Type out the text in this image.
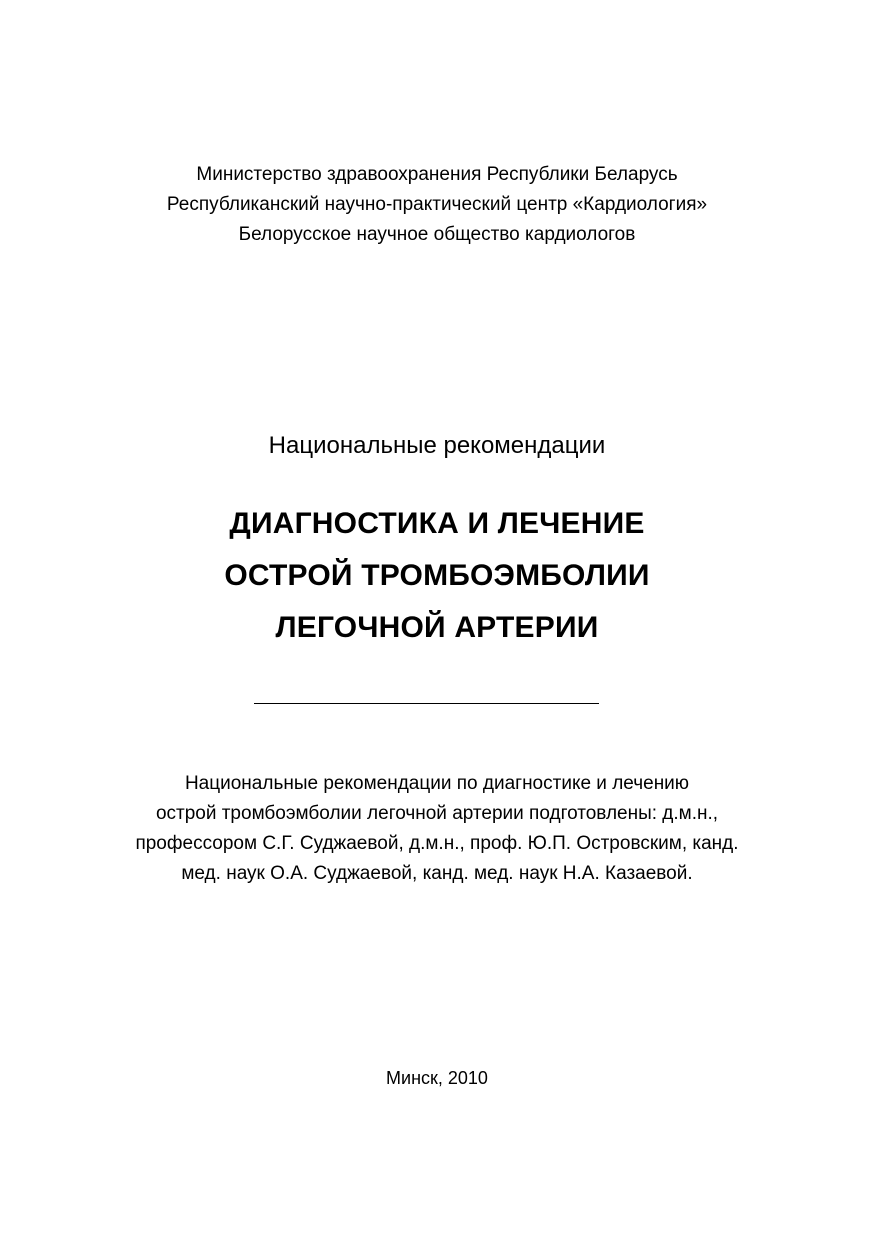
Министерство здравоохранения Республики Беларусь
Республиканский научно-практический центр «Кардиология»
Белорусское научное общество кардиологов
Национальные рекомендации
ДИАГНОСТИКА И ЛЕЧЕНИЕ
ОСТРОЙ ТРОМБОЭМБОЛИИ
ЛЕГОЧНОЙ АРТЕРИИ
Национальные рекомендации по диагностике и лечению
острой тромбоэмболии легочной артерии подготовлены: д.м.н.,
профессором С.Г. Суджаевой, д.м.н., проф. Ю.П. Островским, канд.
мед. наук О.А. Суджаевой, канд. мед. наук Н.А. Казаевой.
Минск, 2010
